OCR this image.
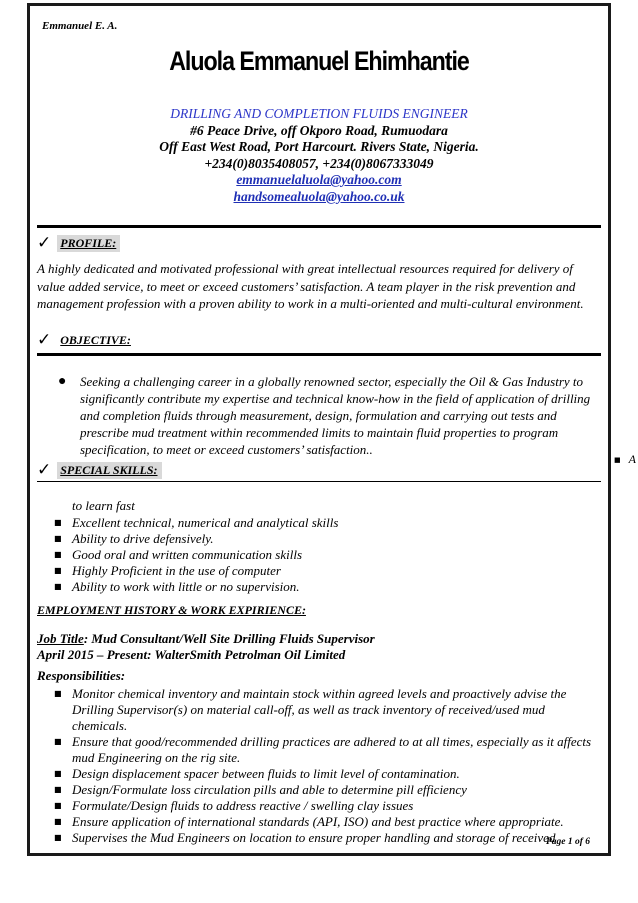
Emmanuel E. A.
Aluola Emmanuel Ehimhantie
DRILLING AND COMPLETION FLUIDS ENGINEER
#6 Peace Drive, off Okporo Road, Rumuodara
Off East West Road, Port Harcourt. Rivers State, Nigeria.
+234(0)8035408057, +234(0)8067333049
emmanuelaluola@yahoo.com
handsomealuola@yahoo.co.uk
✓ PROFILE:
A highly dedicated and motivated professional with great intellectual resources required for delivery of value added service, to meet or exceed customers’ satisfaction. A team player in the risk prevention and management profession with a proven ability to work in a multi-oriented and multi-cultural environment.
✓ OBJECTIVE:
● Seeking a challenging career in a globally renowned sector, especially the Oil & Gas Industry to significantly contribute my expertise and technical know-how in the field of application of drilling and completion fluids through measurement, design, formulation and carrying out tests and prescribe mud treatment within recommended limits to maintain fluid properties to program specification, to meet or exceed customers’ satisfaction..
✓ SPECIAL SKILLS:
to learn fast
■ Excellent technical, numerical and analytical skills
■ Ability to drive defensively.
■ Good oral and written communication skills
■ Highly Proficient in the use of computer
■ Ability to work with little or no supervision.
EMPLOYMENT HISTORY & WORK EXPIRIENCE:
Job Title: Mud Consultant/Well Site Drilling Fluids Supervisor
April 2015 – Present: WalterSmith Petrolman Oil Limited
Responsibilities:
■ Monitor chemical inventory and maintain stock within agreed levels and proactively advise the Drilling Supervisor(s) on material call-off, as well as track inventory of received/used mud chemicals.
■ Ensure that good/recommended drilling practices are adhered to at all times, especially as it affects mud Engineering on the rig site.
■ Design displacement spacer between fluids to limit level of contamination.
■ Design/Formulate loss circulation pills and able to determine pill efficiency
■ Formulate/Design fluids to address reactive / swelling clay issues
■ Ensure application of international standards (API, ISO) and best practice where appropriate.
■ Supervises the Mud Engineers on location to ensure proper handling and storage of received
Page 1 of 6
■ A
